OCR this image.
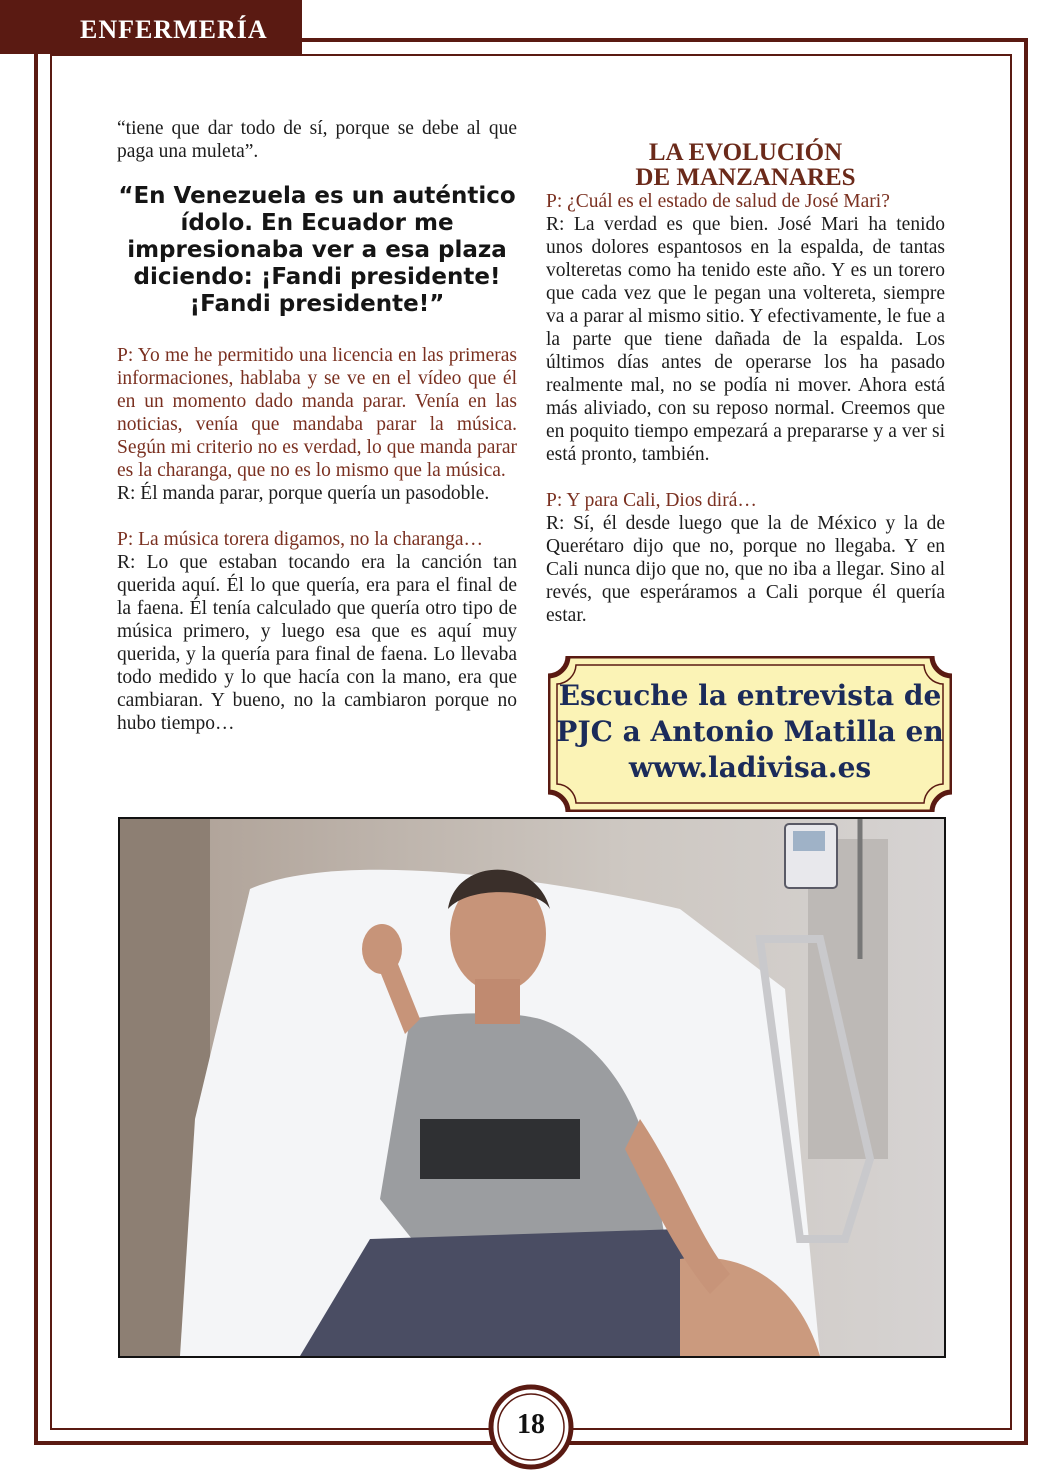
ENFERMERÍA

“tiene que dar todo de sí, porque se debe al que paga una muleta”.

“En Venezuela es un auténtico ídolo. En Ecuador me impresionaba ver a esa plaza diciendo: ¡Fandi presidente! ¡Fandi presidente!”

P: Yo me he permitido una licencia en las primeras informaciones, hablaba y se ve en el vídeo que él en un momento dado manda parar. Venía en las noticias, venía que mandaba parar la música. Según mi criterio no es verdad, lo que manda parar es la charanga, que no es lo mismo que la música.

R: Él manda parar, porque quería un pasodoble.

P: La música torera digamos, no la charanga…

R: Lo que estaban tocando era la canción tan querida aquí. Él lo que quería, era para el final de la faena. Él tenía calculado que quería otro tipo de música primero, y luego esa que es aquí muy querida, y la quería para final de faena. Lo llevaba todo medido y lo que hacía con la mano, era que cambiaran. Y bueno, no la cambiaron porque no hubo tiempo…

LA EVOLUCIÓN
DE MANZANARES

P: ¿Cuál es el estado de salud de José Mari?

R: La verdad es que bien. José Mari ha tenido unos dolores espantosos en la espalda, de tantas volteretas como ha tenido este año. Y es un torero que cada vez que le pegan una voltereta, siempre va a parar al mismo sitio. Y efectivamente, le fue a la parte que tiene dañada de la espalda. Los últimos días antes de operarse los ha pasado realmente mal, no se podía ni mover. Ahora está más aliviado, con su reposo normal. Creemos que en poquito tiempo empezará a prepararse y a ver si está pronto, también.

P: Y para Cali, Dios dirá…

R: Sí, él desde luego que la de México y la de Querétaro dijo que no, porque no llegaba. Y en Cali nunca dijo que no, que no iba a llegar. Sino al revés, que esperáramos a Cali porque él quería estar.

Escuche la entrevista de
PJC a Antonio Matilla en
www.ladivisa.es
18
